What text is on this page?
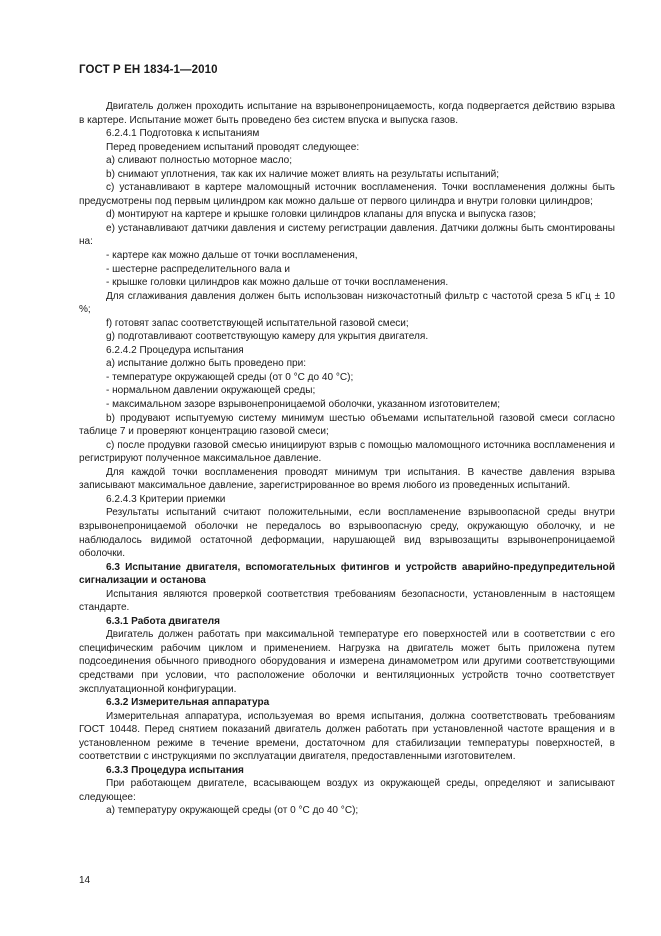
ГОСТ Р ЕН 1834-1—2010

Двигатель должен проходить испытание на взрывонепроницаемость, когда подвергается действию взрыва в картере. Испытание может быть проведено без систем впуска и выпуска газов.

6.2.4.1 Подготовка к испытаниям

Перед проведением испытаний проводят следующее:

a) сливают полностью моторное масло;

b) снимают уплотнения, так как их наличие может влиять на результаты испытаний;

c) устанавливают в картере маломощный источник воспламенения. Точки воспламенения должны быть предусмотрены под первым цилиндром как можно дальше от первого цилиндра и внутри головки цилиндров;

d) монтируют на картере и крышке головки цилиндров клапаны для впуска и выпуска газов;

e) устанавливают датчики давления и систему регистрации давления. Датчики должны быть смонтированы на:

- картере как можно дальше от точки воспламенения,

- шестерне распределительного вала и

- крышке головки цилиндров как можно дальше от точки воспламенения.

Для сглаживания давления должен быть использован низкочастотный фильтр с частотой среза 5 кГц ± 10 %;

f) готовят запас соответствующей испытательной газовой смеси;

g) подготавливают соответствующую камеру для укрытия двигателя.

6.2.4.2 Процедура испытания

a) испытание должно быть проведено при:

- температуре окружающей среды (от 0 °С до 40 °С);

- нормальном давлении окружающей среды;

- максимальном зазоре взрывонепроницаемой оболочки, указанном изготовителем;

b) продувают испытуемую систему минимум шестью объемами испытательной газовой смеси согласно таблице 7 и проверяют концентрацию газовой смеси;

c) после продувки газовой смесью инициируют взрыв с помощью маломощного источника воспламенения и регистрируют полученное максимальное давление.

Для каждой точки воспламенения проводят минимум три испытания. В качестве давления взрыва записывают максимальное давление, зарегистрированное во время любого из проведенных испытаний.

6.2.4.3 Критерии приемки

Результаты испытаний считают положительными, если воспламенение взрывоопасной среды внутри взрывонепроницаемой оболочки не передалось во взрывоопасную среду, окружающую оболочку, и не наблюдалось видимой остаточной деформации, нарушающей вид взрывозащиты взрывонепроницаемой оболочки.

6.3 Испытание двигателя, вспомогательных фитингов и устройств аварийно-предупредительной сигнализации и останова

Испытания являются проверкой соответствия требованиям безопасности, установленным в настоящем стандарте.

6.3.1 Работа двигателя

Двигатель должен работать при максимальной температуре его поверхностей или в соответствии с его специфическим рабочим циклом и применением. Нагрузка на двигатель может быть приложена путем подсоединения обычного приводного оборудования и измерена динамометром или другими соответствующими средствами при условии, что расположение оболочки и вентиляционных устройств точно соответствует эксплуатационной конфигурации.

6.3.2 Измерительная аппаратура

Измерительная аппаратура, используемая во время испытания, должна соответствовать требованиям ГОСТ 10448. Перед снятием показаний двигатель должен работать при установленной частоте вращения и в установленном режиме в течение времени, достаточном для стабилизации температуры поверхностей, в соответствии с инструкциями по эксплуатации двигателя, предоставленными изготовителем.

6.3.3 Процедура испытания

При работающем двигателе, всасывающем воздух из окружающей среды, определяют и записывают следующее:

a) температуру окружающей среды (от 0 °С до 40 °С);

14
